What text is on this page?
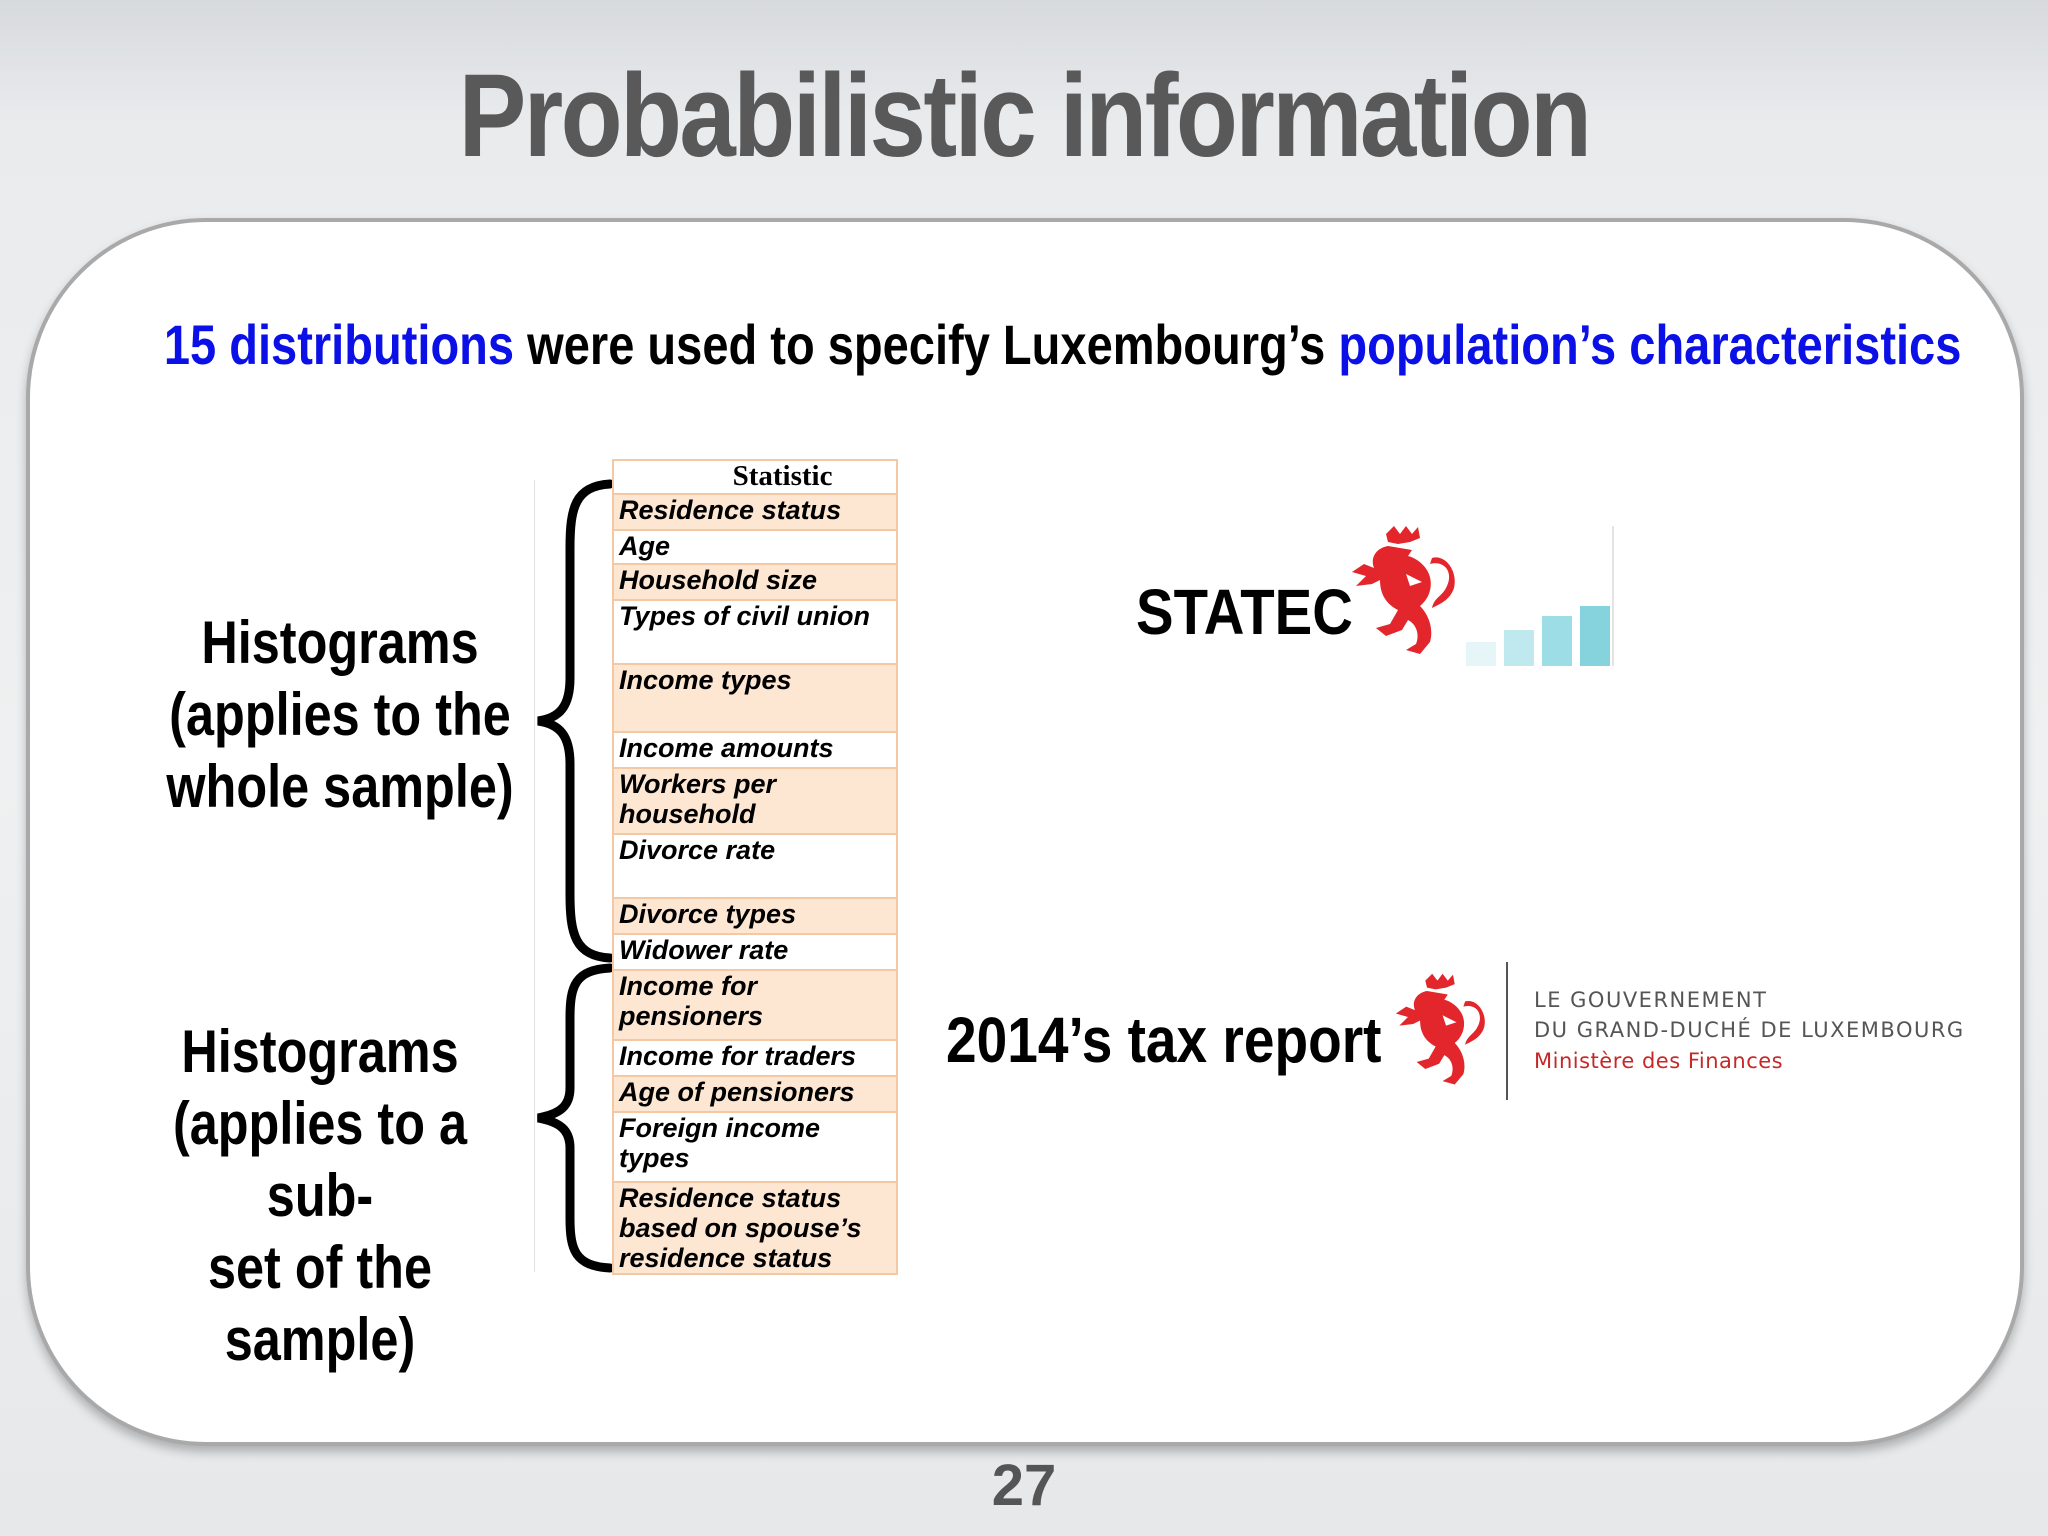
Probabilistic information
15 distributions were used to specify Luxembourg’s population’s characteristics
Histograms
(applies to the
whole sample)
Histograms
(applies to a sub-
set of the sample)
Statistic
Residence status
Age
Household size
Types of civil union
Income types
Income amounts
Workers per household
Divorce rate
Divorce types
Widower rate
Income for pensioners
Income for traders
Age of pensioners
Foreign income types
Residence status based on spouse’s residence status
STATEC
2014’s tax report
LE GOUVERNEMENT
DU GRAND-DUCHÉ DE LUXEMBOURG
Ministère des Finances
27
